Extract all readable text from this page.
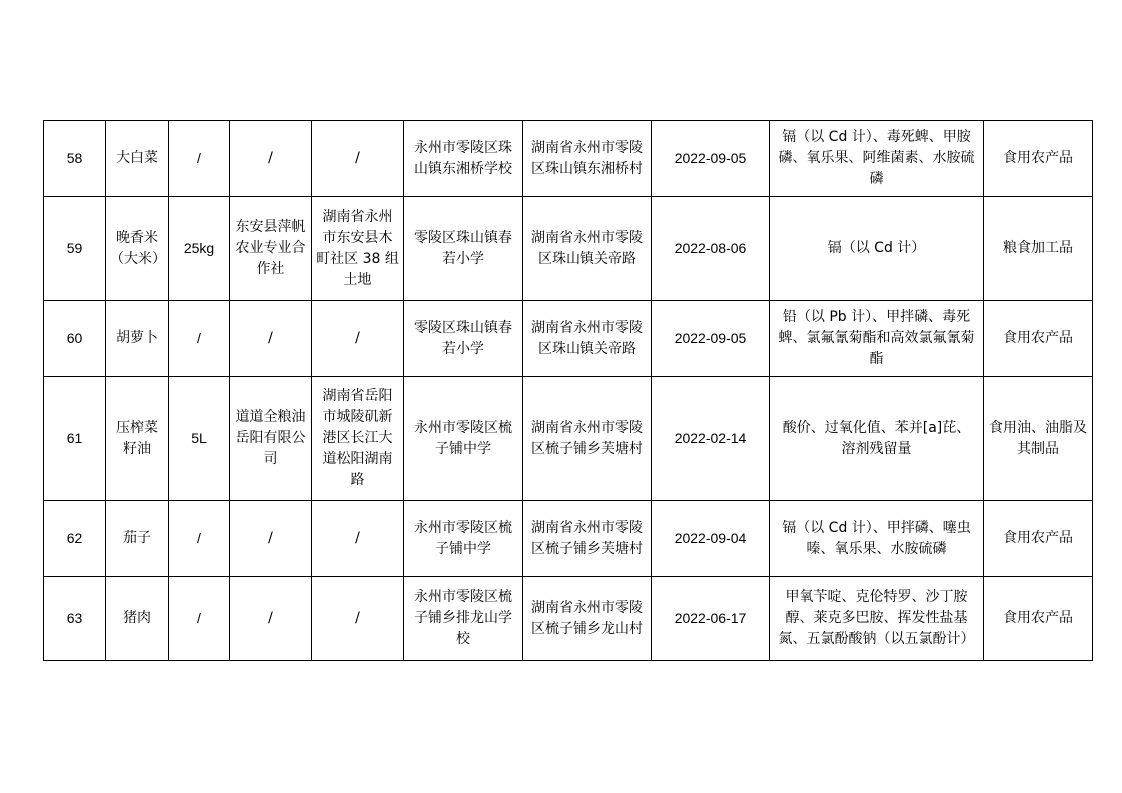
58	大白菜	/	/	/	永州市零陵区珠山镇东湘桥学校	湖南省永州市零陵区珠山镇东湘桥村	2022-09-05	镉（以 Cd 计）、毒死蜱、甲胺磷、氧乐果、阿维菌素、水胺硫磷	食用农产品
59	晚香米（大米）	25kg	东安县萍帆农业专业合作社	湖南省永州市东安县木町社区 38 组土地	零陵区珠山镇春若小学	湖南省永州市零陵区珠山镇关帝路	2022-08-06	镉（以 Cd 计）	粮食加工品
60	胡萝卜	/	/	/	零陵区珠山镇春若小学	湖南省永州市零陵区珠山镇关帝路	2022-09-05	铅（以 Pb 计）、甲拌磷、毒死蜱、氯氟氰菊酯和高效氯氟氰菊酯	食用农产品
61	压榨菜籽油	5L	道道全粮油岳阳有限公司	湖南省岳阳市城陵矶新港区长江大道松阳湖南路	永州市零陵区梳子铺中学	湖南省永州市零陵区梳子铺乡芙塘村	2022-02-14	酸价、过氧化值、苯并[a]芘、溶剂残留量	食用油、油脂及其制品
62	茄子	/	/	/	永州市零陵区梳子铺中学	湖南省永州市零陵区梳子铺乡芙塘村	2022-09-04	镉（以 Cd 计）、甲拌磷、噻虫嗪、氧乐果、水胺硫磷	食用农产品
63	猪肉	/	/	/	永州市零陵区梳子铺乡排龙山学校	湖南省永州市零陵区梳子铺乡龙山村	2022-06-17	甲氧苄啶、克伦特罗、沙丁胺醇、莱克多巴胺、挥发性盐基氮、五氯酚酸钠（以五氯酚计）	食用农产品
